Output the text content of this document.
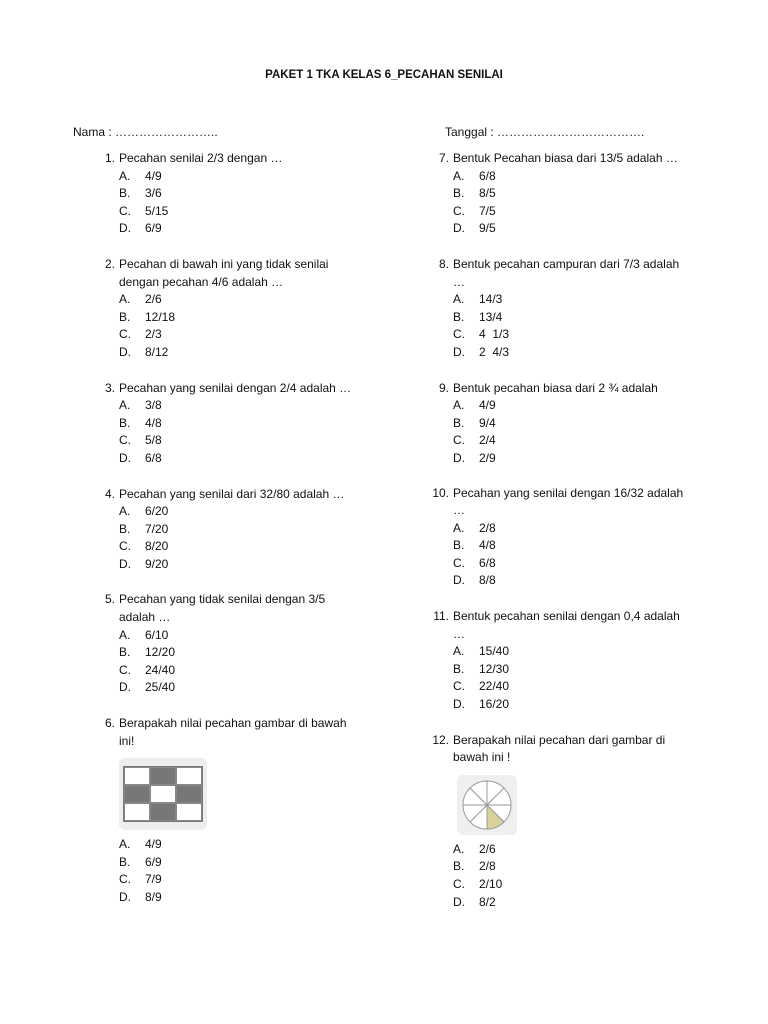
PAKET 1 TKA KELAS 6_PECAHAN SENILAI
Nama : ……………………..	Tanggal : ……………………………….
1. Pecahan senilai 2/3 dengan …
A. 4/9
B. 3/6
C. 5/15
D. 6/9
2. Pecahan di bawah ini yang tidak senilai dengan pecahan 4/6 adalah …
A. 2/6
B. 12/18
C. 2/3
D. 8/12
3. Pecahan yang senilai dengan 2/4 adalah …
A. 3/8
B. 4/8
C. 5/8
D. 6/8
4. Pecahan yang senilai dari 32/80 adalah …
A. 6/20
B. 7/20
C. 8/20
D. 9/20
5. Pecahan yang tidak senilai dengan 3/5 adalah …
A. 6/10
B. 12/20
C. 24/40
D. 25/40
6. Berapakah nilai pecahan gambar di bawah ini!
A. 4/9
B. 6/9
C. 7/9
D. 8/9
7. Bentuk Pecahan biasa dari 13/5 adalah …
A. 6/8
B. 8/5
C. 7/5
D. 9/5
8. Bentuk pecahan campuran dari 7/3 adalah …
A. 14/3
B. 13/4
C. 4  1/3
D. 2  4/3
9. Bentuk pecahan biasa dari 2 ¾ adalah
A. 4/9
B. 9/4
C. 2/4
D. 2/9
10. Pecahan yang senilai dengan 16/32 adalah …
A. 2/8
B. 4/8
C. 6/8
D. 8/8
11. Bentuk pecahan senilai dengan 0,4 adalah …
A. 15/40
B. 12/30
C. 22/40
D. 16/20
12. Berapakah nilai pecahan dari gambar di bawah ini !
A. 2/6
B. 2/8
C. 2/10
D. 8/2
